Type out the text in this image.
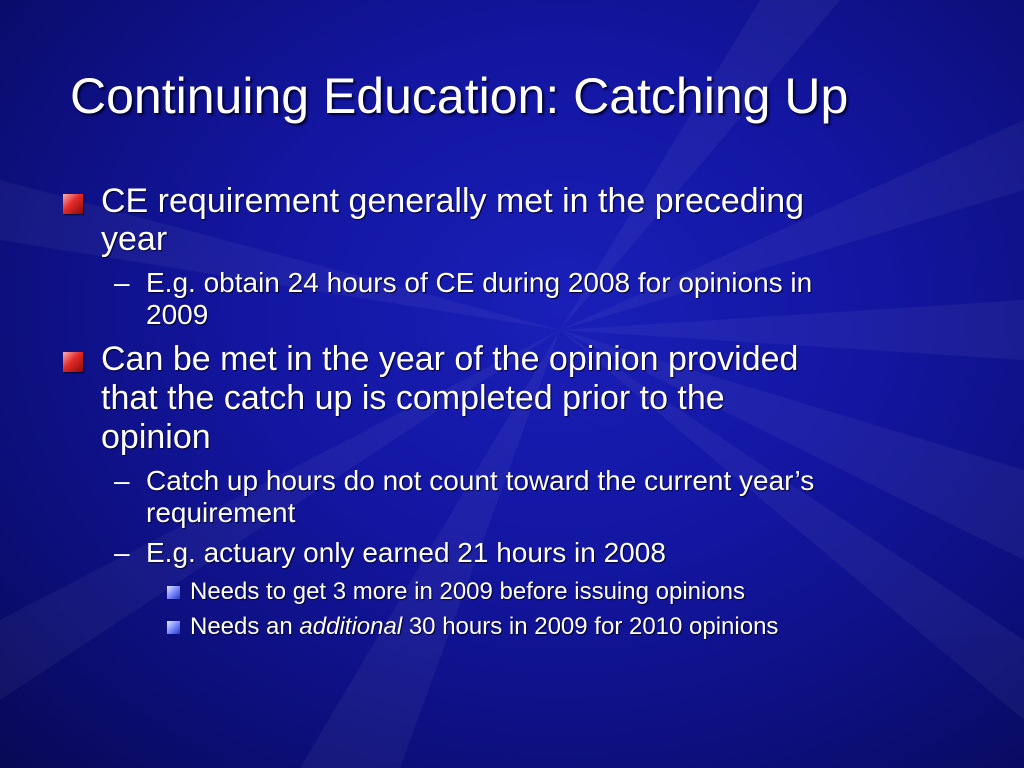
Continuing Education: Catching Up
CE requirement generally met in the preceding
year
– E.g. obtain 24 hours of CE during 2008 for opinions in
2009
Can be met in the year of the opinion provided
that the catch up is completed prior to the
opinion
– Catch up hours do not count toward the current year’s
requirement
– E.g. actuary only earned 21 hours in 2008
Needs to get 3 more in 2009 before issuing opinions
Needs an additional 30 hours in 2009 for 2010 opinions
